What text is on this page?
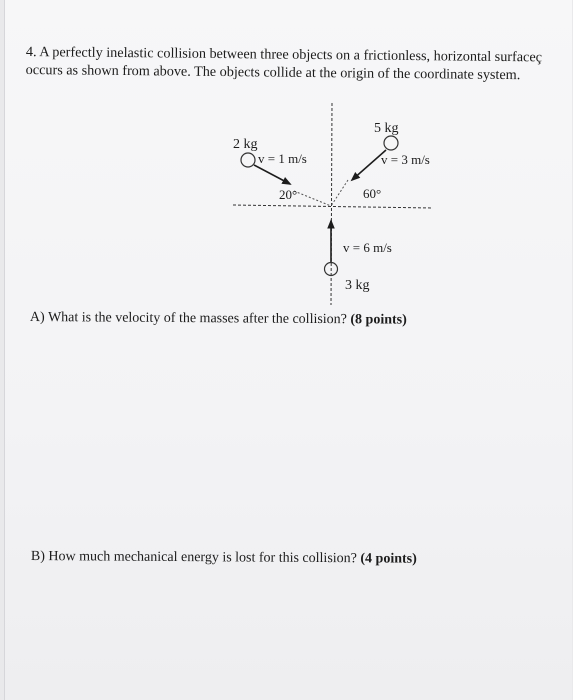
4. A perfectly inelastic collision between three objects on a frictionless, horizontal surfaceç occurs as shown from above. The objects collide at the origin of the coordinate system.
2 kg
v = 1 m/s
20°
5 kg
v = 3 m/s
60°
v = 6 m/s
3 kg
A) What is the velocity of the masses after the collision? (8 points)
B) How much mechanical energy is lost for this collision? (4 points)
